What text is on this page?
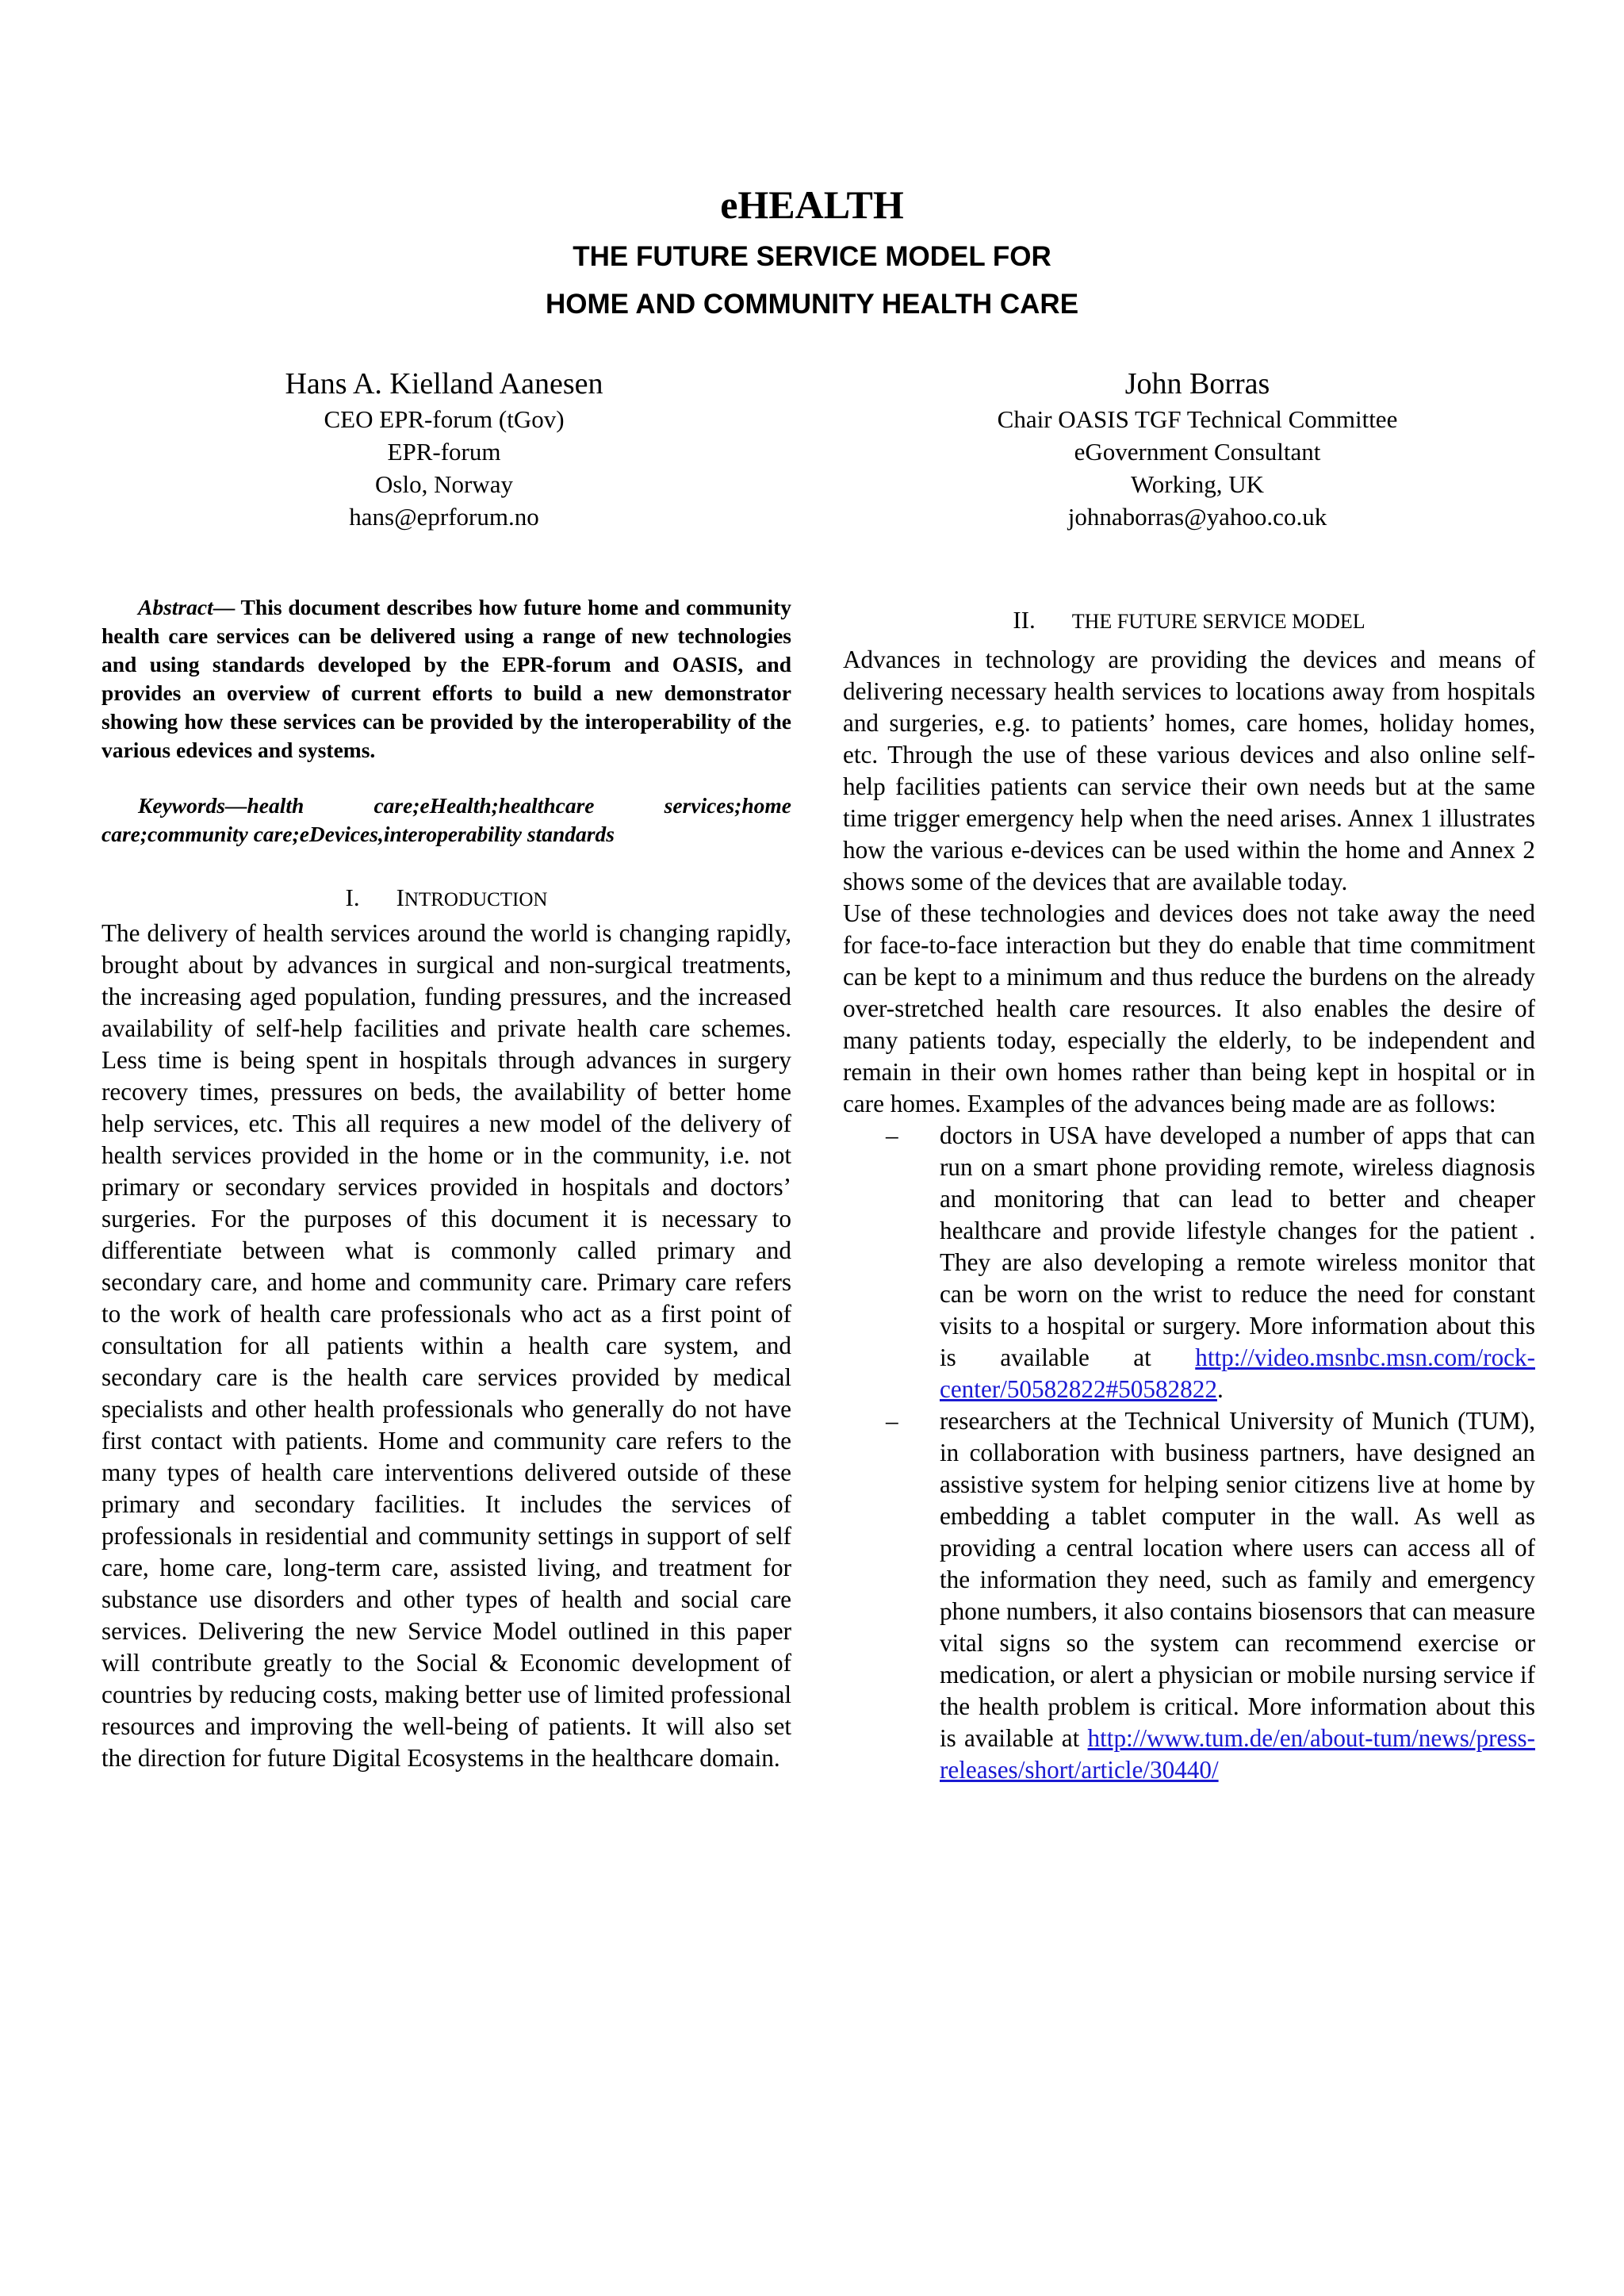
eHEALTH
THE FUTURE SERVICE MODEL FOR
HOME AND COMMUNITY HEALTH CARE
Hans A. Kielland Aanesen
CEO EPR-forum (tGov)
EPR-forum
Oslo, Norway
hans@eprforum.no
John Borras
Chair OASIS TGF Technical Committee
eGovernment Consultant
Working, UK
johnaborras@yahoo.co.uk

Abstract— This document describes how future home and community health care services can be delivered using a range of new technologies and using standards developed by the EPR-forum and OASIS, and provides an overview of current efforts to build a new demonstrator showing how these services can be provided by the interoperability of the various edevices and systems.

Keywords—health care;eHealth;healthcare services;home care;community care;eDevices,interoperability standards

I. INTRODUCTION

The delivery of health services around the world is changing rapidly, brought about by advances in surgical and non-surgical treatments, the increasing aged population, funding pressures, and the increased availability of self-help facilities and private health care schemes. Less time is being spent in hospitals through advances in surgery recovery times, pressures on beds, the availability of better home help services, etc. This all requires a new model of the delivery of health services provided in the home or in the community, i.e. not primary or secondary services provided in hospitals and doctors’ surgeries. For the purposes of this document it is necessary to differentiate between what is commonly called primary and secondary care, and home and community care. Primary care refers to the work of health care professionals who act as a first point of consultation for all patients within a health care system, and secondary care is the health care services provided by medical specialists and other health professionals who generally do not have first contact with patients. Home and community care refers to the many types of health care interventions delivered outside of these primary and secondary facilities. It includes the services of professionals in residential and community settings in support of self care, home care, long-term care, assisted living, and treatment for substance use disorders and other types of health and social care services. Delivering the new Service Model outlined in this paper will contribute greatly to the Social & Economic development of countries by reducing costs, making better use of limited professional resources and improving the well-being of patients. It will also set the direction for future Digital Ecosystems in the healthcare domain.

II. THE FUTURE SERVICE MODEL

Advances in technology are providing the devices and means of delivering necessary health services to locations away from hospitals and surgeries, e.g. to patients’ homes, care homes, holiday homes, etc. Through the use of these various devices and also online self-help facilities patients can service their own needs but at the same time trigger emergency help when the need arises. Annex 1 illustrates how the various e-devices can be used within the home and Annex 2 shows some of the devices that are available today.

Use of these technologies and devices does not take away the need for face-to-face interaction but they do enable that time commitment can be kept to a minimum and thus reduce the burdens on the already over-stretched health care resources. It also enables the desire of many patients today, especially the elderly, to be independent and remain in their own homes rather than being kept in hospital or in care homes. Examples of the advances being made are as follows:

–	doctors in USA have developed a number of apps that can run on a smart phone providing remote, wireless diagnosis and monitoring that can lead to better and cheaper healthcare and provide lifestyle changes for the patient . They are also developing a remote wireless monitor that can be worn on the wrist to reduce the need for constant visits to a hospital or surgery. More information about this is available at http://video.msnbc.msn.com/rock-center/50582822#50582822.
–	researchers at the Technical University of Munich (TUM), in collaboration with business partners, have designed an assistive system for helping senior citizens live at home by embedding a tablet computer in the wall. As well as providing a central location where users can access all of the information they need, such as family and emergency phone numbers, it also contains biosensors that can measure vital signs so the system can recommend exercise or medication, or alert a physician or mobile nursing service if the health problem is critical. More information about this is available at http://www.tum.de/en/about-tum/news/press-releases/short/article/30440/
